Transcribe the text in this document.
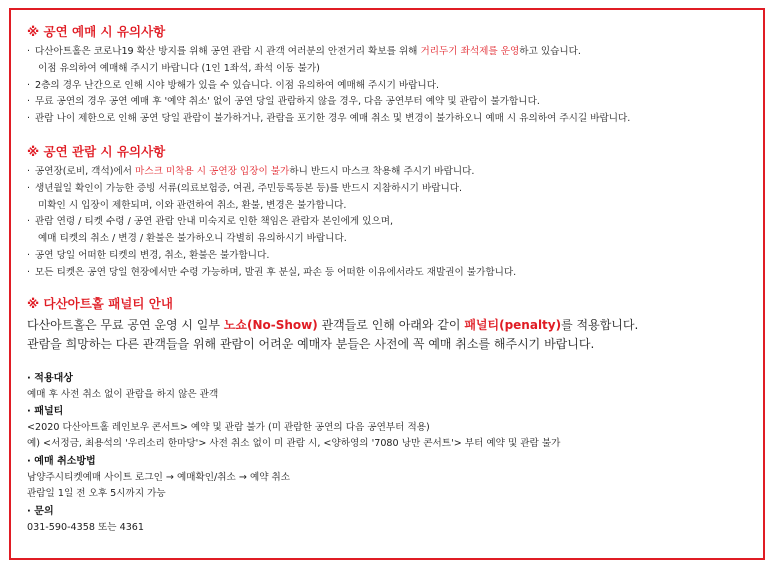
※ 공연 예매 시 유의사항
· 다산아트홀은 코로나19 확산 방지를 위해 공연 관람 시 관객 여러분의 안전거리 확보를 위해 거리두기 좌석제를 운영하고 있습니다.
이점 유의하여 예매해 주시기 바랍니다 (1인 1좌석, 좌석 이동 불가)
· 2층의 경우 난간으로 인해 시야 방해가 있을 수 있습니다. 이점 유의하여 예매해 주시기 바랍니다.
· 무료 공연의 경우 공연 예매 후 '예약 취소' 없이 공연 당일 관람하지 않을 경우, 다음 공연부터 예약 및 관람이 불가합니다.
· 관람 나이 제한으로 인해 공연 당일 관람이 불가하거나, 관람을 포기한 경우 예매 취소 및 변경이 불가하오니 예매 시 유의하여 주시길 바랍니다.
※ 공연 관람 시 유의사항
· 공연장(로비, 객석)에서 마스크 미착용 시 공연장 입장이 불가하니 반드시 마스크 착용해 주시기 바랍니다.
· 생년월일 확인이 가능한 증빙 서류(의료보험증, 여권, 주민등록등본 등)를 반드시 지참하시기 바랍니다.
미확인 시 입장이 제한되며, 이와 관련하여 취소, 환불, 변경은 불가합니다.
· 관람 연령 / 티켓 수령 / 공연 관람 안내 미숙지로 인한 책임은 관람자 본인에게 있으며,
예매 티켓의 취소 / 변경 / 환불은 불가하오니 각별히 유의하시기 바랍니다.
· 공연 당일 어떠한 티켓의 변경, 취소, 환불은 불가합니다.
· 모든 티켓은 공연 당일 현장에서만 수령 가능하며, 발권 후 분실, 파손 등 어떠한 이유에서라도 재발권이 불가합니다.
※ 다산아트홀 패널티 안내
다산아트홀은 무료 공연 운영 시 일부 노쇼(No-Show) 관객들로 인해 아래와 같이 패널티(penalty)를 적용합니다.
관람을 희망하는 다른 관객들을 위해 관람이 어려운 예매자 분들은 사전에 꼭 예매 취소를 해주시기 바랍니다.
· 적용대상
예매 후 사전 취소 없이 관람을 하지 않은 관객
· 패널티
<2020 다산아트홀 레인보우 콘서트> 예약 및 관람 불가 (미 관람한 공연의 다음 공연부터 적용)
예) <서정금, 최용석의 '우리소리 한마당'> 사전 취소 없이 미 관람 시, <양하영의 '7080 낭만 콘서트'> 부터 예약 및 관람 불가
· 예매 취소방법
남양주시티켓예매 사이트 로그인 → 예매확인/취소 → 예약 취소
관람일 1일 전 오후 5시까지 가능
· 문의
031-590-4358 또는 4361
